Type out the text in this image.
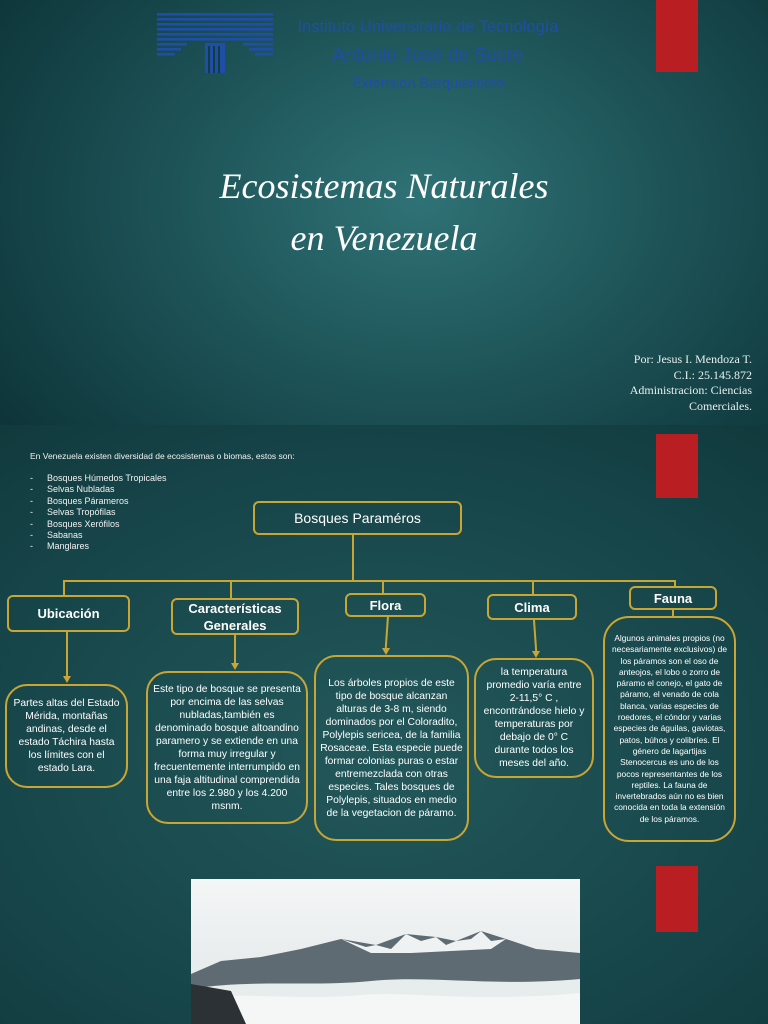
Instituto Universitario de Tecnología
Antonio José de Sucre
Extensión Barquisimeto
Ecosistemas Naturales
en Venezuela
Por: Jesus I. Mendoza T.
C.I.: 25.145.872
Administracion: Ciencias
Comerciales.
En Venezuela existen diversidad de ecosistemas o biomas, estos son:
- Bosques Húmedos Tropicales
- Selvas Nubladas
- Bosques Párameros
- Selvas Tropófilas
- Bosques Xerófilos
- Sabanas
- Manglares
Bosques Paraméros
Ubicación	Características Generales
Flora	Clima
Fauna
Partes altas del Estado Mérida, montañas andinas, desde el estado Táchira hasta los límites con el estado Lara.
Este tipo de bosque se presenta por encima de las selvas nubladas,también es denominado bosque altoandino paramero y se extiende en una forma muy irregular y frecuentemente interrumpido en una faja altitudinal comprendida entre los 2.980 y los 4.200 msnm.
Los árboles propios de este tipo de bosque alcanzan alturas de 3-8 m, siendo dominados por el Coloradito, Polylepis sericea, de la familia Rosaceae. Esta especie puede formar colonias puras o estar entremezclada con otras especies. Tales bosques de Polylepis, situados en medio de la vegetacion de páramo.
la temperatura promedio varía entre 2-11,5° C , encontrándose hielo y temperaturas por debajo de 0° C durante todos los meses del año.
Algunos animales propios (no necesariamente exclusivos) de los páramos son el oso de anteojos, el lobo o zorro de páramo el conejo, el gato de páramo, el venado de cola blanca, varias especies de roedores, el cóndor y varias especies de águilas, gaviotas, patos, búhos y colibríes. El género de lagartijas Stenocercus es uno de los pocos representantes de los reptiles. La fauna de invertebrados aún no es bien conocida en toda la extensión de los páramos.
